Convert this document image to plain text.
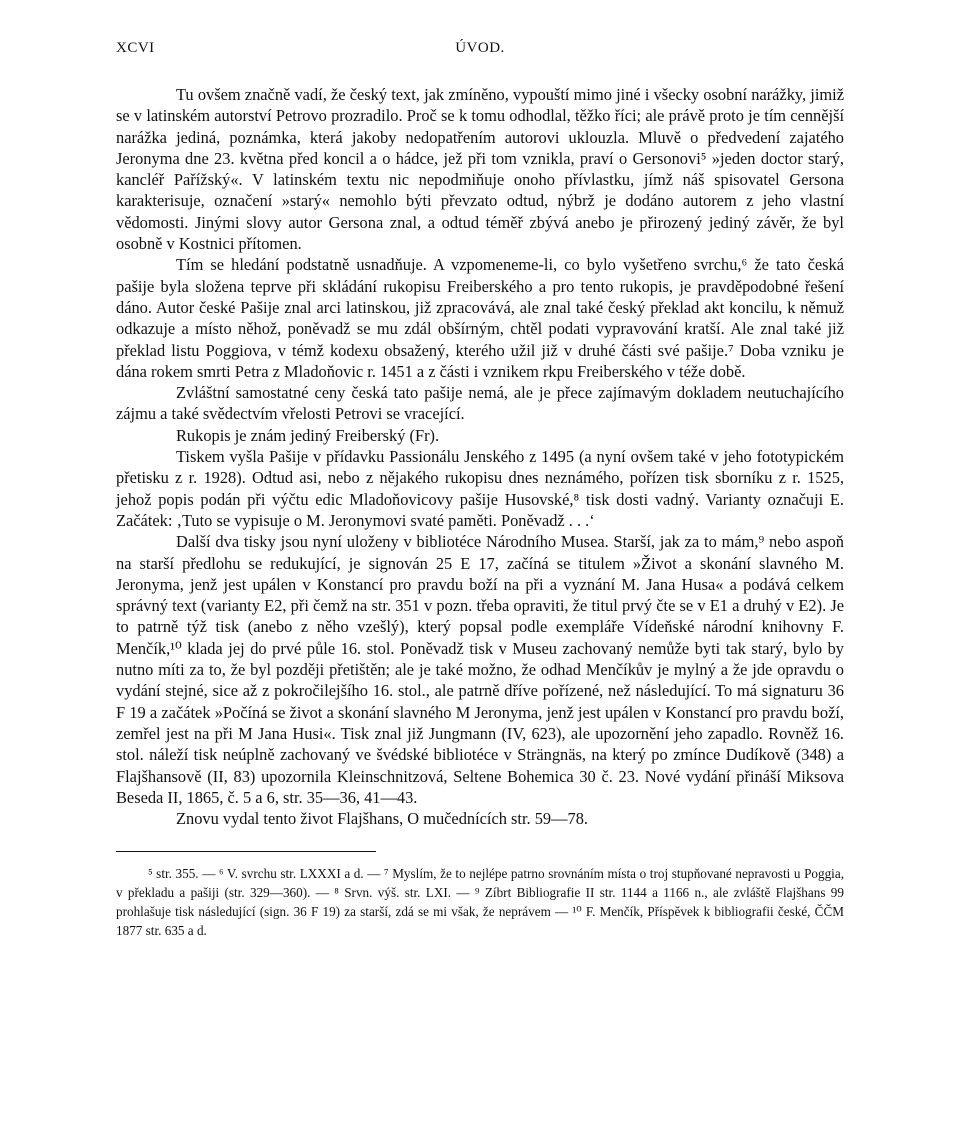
XCVI	ÚVOD.

Tu ovšem značně vadí, že český text, jak zmíněno, vypouští mimo jiné i všecky osobní narážky, jimiž se v latinském autorství Petrovo prozradilo. Proč se k tomu odhodlal, těžko říci; ale právě proto je tím cennější narážka jediná, poznámka, která jakoby nedopatřením autorovi uklouzla. Mluvě o předvedení zajatého Jeronyma dne 23. května před koncil a o hádce, jež při tom vznikla, praví o Gersonovi⁵ »jeden doctor starý, kancléř Pařížský«. V latinském textu nic nepodmiňuje onoho přívlastku, jímž náš spisovatel Gersona karakterisuje, označení »starý« nemohlo býti převzato odtud, nýbrž je dodáno autorem z jeho vlastní vědomosti. Jinými slovy autor Gersona znal, a odtud téměř zbývá anebo je přirozený jediný závěr, že byl osobně v Kostnici přítomen.

Tím se hledání podstatně usnadňuje. A vzpomeneme-li, co bylo vyšetřeno svrchu,⁶ že tato česká pašije byla složena teprve při skládání rukopisu Freiberského a pro tento rukopis, je pravděpodobné řešení dáno. Autor české Pašije znal arci latinskou, již zpracovává, ale znal také český překlad akt koncilu, k němuž odkazuje a místo něhož, poněvadž se mu zdál obšírným, chtěl podati vypravování kratší. Ale znal také již překlad listu Poggiova, v témž kodexu obsažený, kterého užil již v druhé části své pašije.⁷ Doba vzniku je dána rokem smrti Petra z Mladoňovic r. 1451 a z části i vznikem rkpu Freiberského v téže době.

Zvláštní samostatné ceny česká tato pašije nemá, ale je přece zajímavým dokladem neutuchajícího zájmu a také svědectvím vřelosti Petrovi se vracející.

Rukopis je znám jediný Freiberský (Fr).

Tiskem vyšla Pašije v přídavku Passionálu Jenského z 1495 (a nyní ovšem také v jeho fototypickém přetisku z r. 1928). Odtud asi, nebo z nějakého rukopisu dnes neznámého, pořízen tisk sborníku z r. 1525, jehož popis podán při výčtu edic Mladoňovicovy pašije Husovské,⁸ tisk dosti vadný. Varianty označuji E. Začátek: ‚Tuto se vypisuje o M. Jeronymovi svaté paměti. Poněvadž . . .‘

Další dva tisky jsou nyní uloženy v bibliotéce Národního Musea. Starší, jak za to mám,⁹ nebo aspoň na starší předlohu se redukující, je signován 25 E 17, začíná se titulem »Život a skonání slavného M. Jeronyma, jenž jest upálen v Konstancí pro pravdu boží na při a vyznání M. Jana Husa« a podává celkem správný text (varianty E2, při čemž na str. 351 v pozn. třeba opraviti, že titul prvý čte se v E1 a druhý v E2). Je to patrně týž tisk (anebo z něho vzešlý), který popsal podle exempláře Vídeňské národní knihovny F. Menčík,¹⁰ klada jej do prvé půle 16. stol. Poněvadž tisk v Museu zachovaný nemůže byti tak starý, bylo by nutno míti za to, že byl později přetištěn; ale je také možno, že odhad Menčíkův je mylný a že jde opravdu o vydání stejné, sice až z pokročilejšího 16. stol., ale patrně dříve pořízené, než následující. To má signaturu 36 F 19 a začátek »Počíná se život a skonání slavného M Jeronyma, jenž jest upálen v Konstancí pro pravdu boží, zemřel jest na při M Jana Husi«. Tisk znal již Jungmann (IV, 623), ale upozornění jeho zapadlo. Rovněž 16. stol. náleží tisk neúplně zachovaný ve švédské bibliotéce v Strängnäs, na který po zmínce Dudíkově (348) a Flajšhansově (II, 83) upozornila Kleinschnitzová, Seltene Bohemica 30 č. 23. Nové vydání přináší Miksova Beseda II, 1865, č. 5 a 6, str. 35—36, 41—43.

Znovu vydal tento život Flajšhans, O mučednících str. 59—78.

⁵ str. 355. — ⁶ V. svrchu str. LXXXI a d. — ⁷ Myslím, že to nejlépe patrno srovnáním místa o troj stupňované nepravosti u Poggia, v překladu a pašiji (str. 329—360). — ⁸ Srvn. výš. str. LXI. — ⁹ Zíbrt Bibliografie II str. 1144 a 1166 n., ale zvláště Flajšhans 99 prohlašuje tisk následující (sign. 36 F 19) za starší, zdá se mi však, že neprávem — ¹⁰ F. Menčík, Příspěvek k bibliografii české, ČČM 1877 str. 635 a d.
